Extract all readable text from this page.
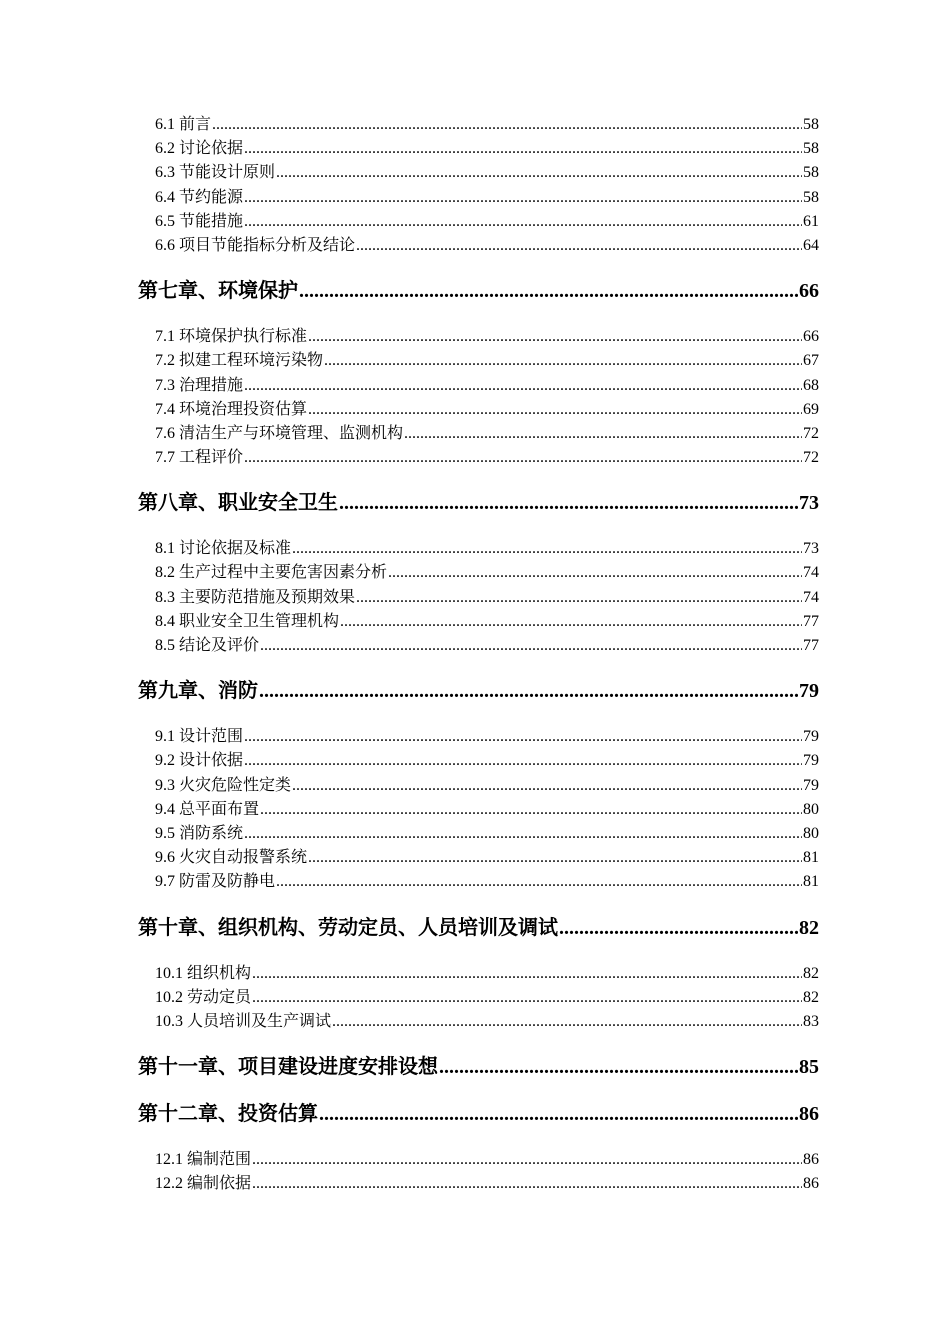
6.1 前言 .....	58
6.2 讨论依据 .....	58
6.3 节能设计原则 .....	58
6.4 节约能源 .....	58
6.5 节能措施 .....	61
6.6 项目节能指标分析及结论 .....	64
第七章、环境保护 .....	66
7.1 环境保护执行标准 .....	66
7.2 拟建工程环境污染物 .....	67
7.3 治理措施 .....	68
7.4 环境治理投资估算 .....	69
7.6 清洁生产与环境管理、监测机构 .....	72
7.7 工程评价 .....	72
第八章、职业安全卫生 .....	73
8.1 讨论依据及标准 .....	73
8.2 生产过程中主要危害因素分析 .....	74
8.3 主要防范措施及预期效果 .....	74
8.4 职业安全卫生管理机构 .....	77
8.5 结论及评价 .....	77
第九章、消防 .....	79
9.1 设计范围 .....	79
9.2 设计依据 .....	79
9.3 火灾危险性定类 .....	79
9.4 总平面布置 .....	80
9.5 消防系统 .....	80
9.6 火灾自动报警系统 .....	81
9.7 防雷及防静电 .....	81
第十章、组织机构、劳动定员、人员培训及调试 .....	82
10.1 组织机构 .....	82
10.2 劳动定员 .....	82
10.3 人员培训及生产调试 .....	83
第十一章、项目建设进度安排设想 .....	85
第十二章、投资估算 .....	86
12.1 编制范围 .....	86
12.2 编制依据 .....	86
